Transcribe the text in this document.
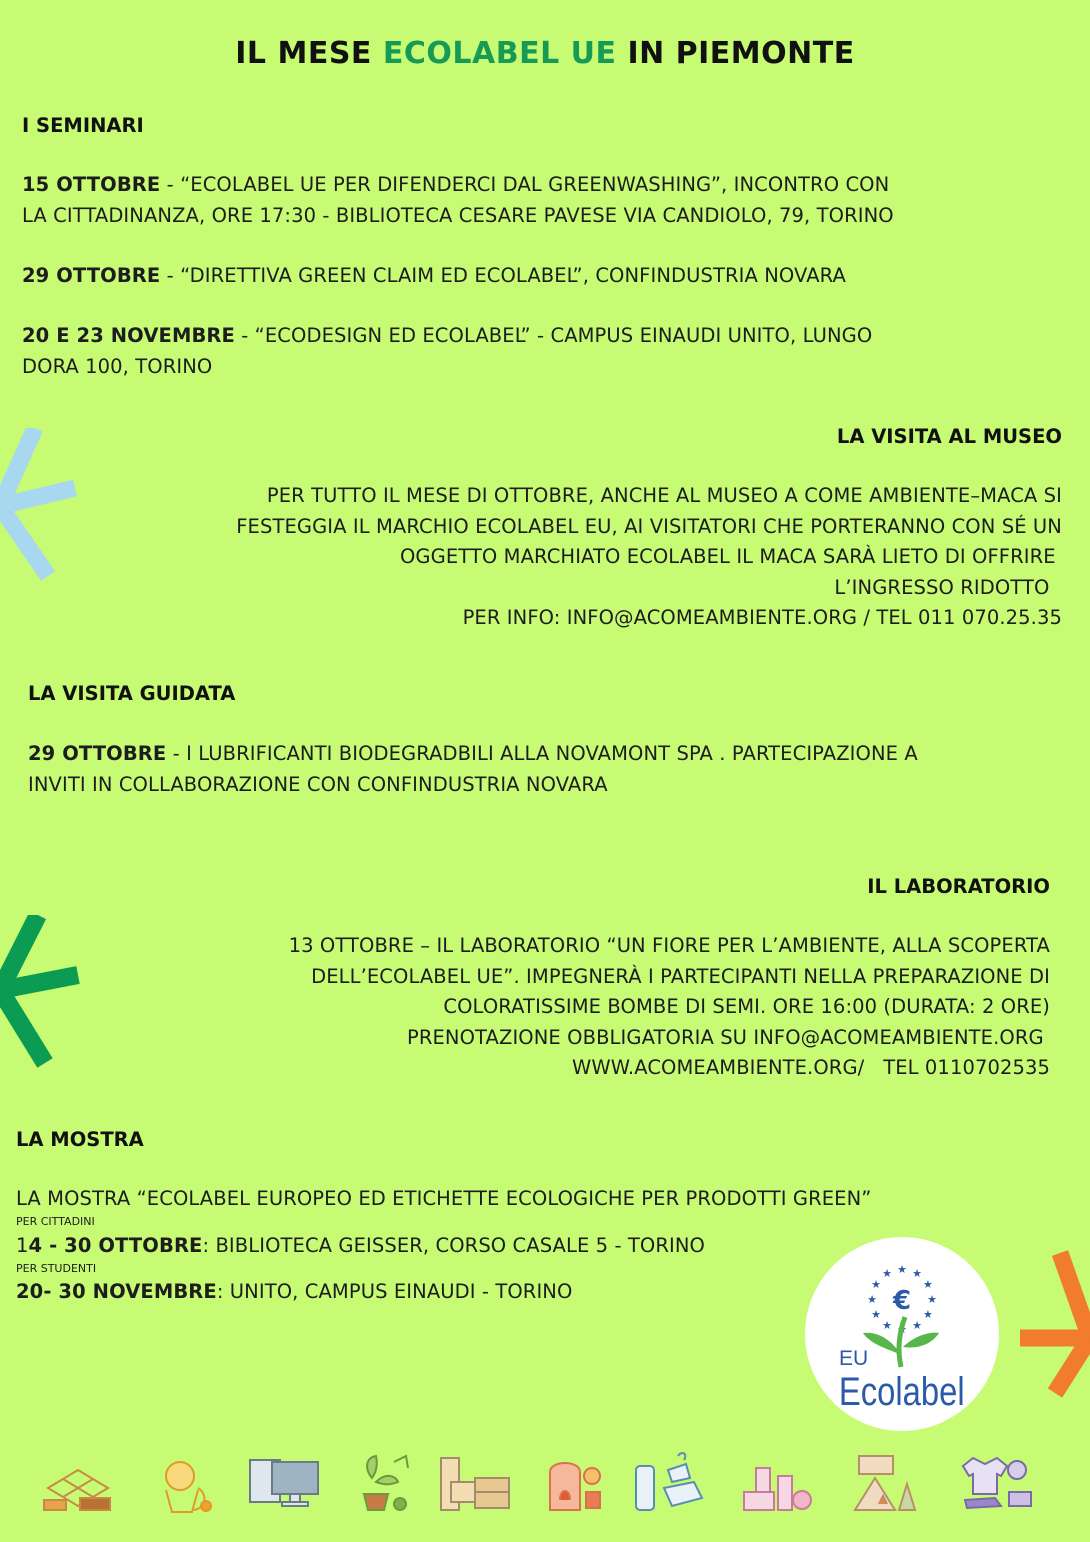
IL MESE ECOLABEL UE IN PIEMONTE
I SEMINARI
15 OTTOBRE - “ECOLABEL UE PER DIFENDERCI DAL GREENWASHING”, INCONTRO CON
LA CITTADINANZA, ORE 17:30 - BIBLIOTECA CESARE PAVESE VIA CANDIOLO, 79, TORINO
29 OTTOBRE - “DIRETTIVA GREEN CLAIM ED ECOLABEL”, CONFINDUSTRIA NOVARA
20 E 23 NOVEMBRE - “ECODESIGN ED ECOLABEL” - CAMPUS EINAUDI UNITO, LUNGO
DORA 100, TORINO
LA VISITA AL MUSEO
PER TUTTO IL MESE DI OTTOBRE, ANCHE AL MUSEO A COME AMBIENTE–MACA SI
FESTEGGIA IL MARCHIO ECOLABEL EU, AI VISITATORI CHE PORTERANNO CON SÉ UN
OGGETTO MARCHIATO ECOLABEL IL MACA SARÀ LIETO DI OFFRIRE
L’INGRESSO RIDOTTO
PER INFO: INFO@ACOMEAMBIENTE.ORG / TEL 011 070.25.35
LA VISITA GUIDATA
29 OTTOBRE - I LUBRIFICANTI BIODEGRADBILI ALLA NOVAMONT SPA . PARTECIPAZIONE A
INVITI IN COLLABORAZIONE CON CONFINDUSTRIA NOVARA
IL LABORATORIO
13 OTTOBRE – IL LABORATORIO “UN FIORE PER L’AMBIENTE, ALLA SCOPERTA
DELL’ECOLABEL UE”. IMPEGNERÀ I PARTECIPANTI NELLA PREPARAZIONE DI
COLORATISSIME BOMBE DI SEMI. ORE 16:00 (DURATA: 2 ORE)
PRENOTAZIONE OBBLIGATORIA SU INFO@ACOMEAMBIENTE.ORG
WWW.ACOMEAMBIENTE.ORG/   TEL 0110702535
LA MOSTRA
LA MOSTRA “ECOLABEL EUROPEO ED ETICHETTE ECOLOGICHE PER PRODOTTI GREEN”
PER CITTADINI
14 - 30 OTTOBRE: BIBLIOTECA GEISSER, CORSO CASALE 5 - TORINO
PER STUDENTI
20- 30 NOVEMBRE: UNITO, CAMPUS EINAUDI - TORINO	★
★
★
★
★
★
★
★
★ ★ ★
★
€
EU
Ecolabel
